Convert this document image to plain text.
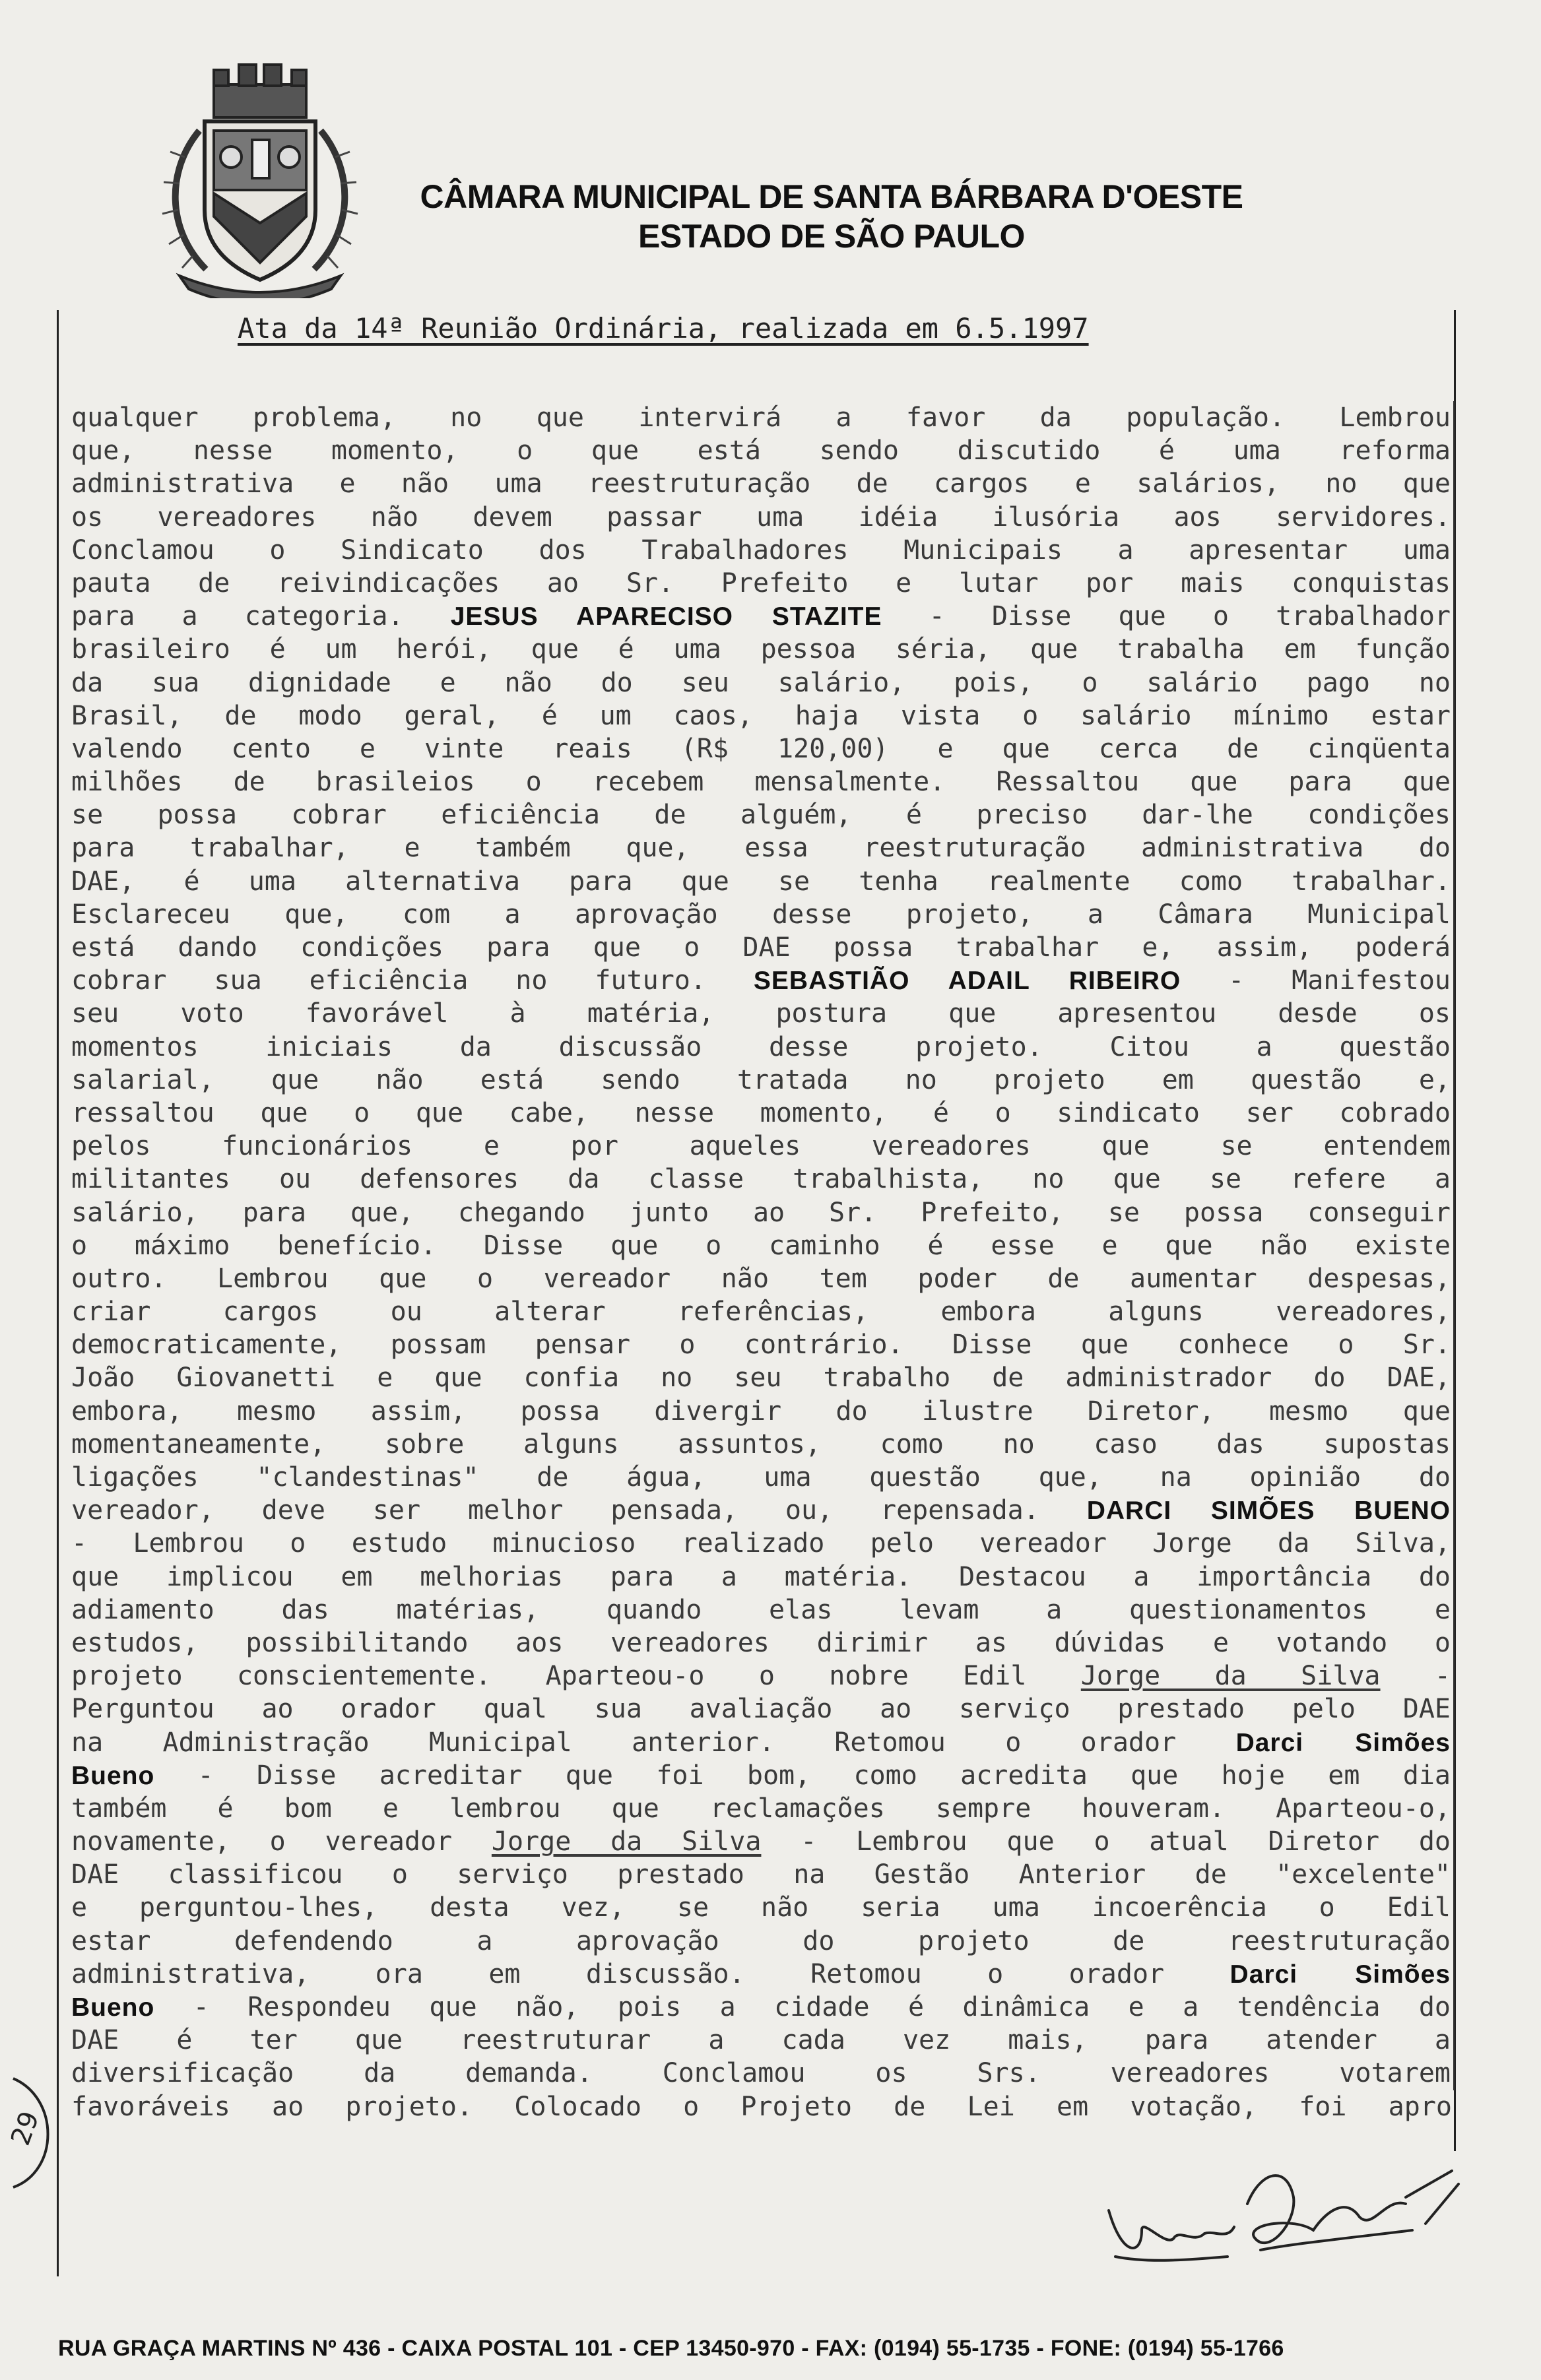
CÂMARA MUNICIPAL DE SANTA BÁRBARA D'OESTE
ESTADO DE SÃO PAULO
Ata da 14ª Reunião Ordinária, realizada em 6.5.1997
qualquer problema, no que intervirá a favor da população. Lembrou
que, nesse momento, o que está sendo discutido é uma reforma
administrativa e não uma reestruturação de cargos e salários, no que
os vereadores não devem passar uma idéia ilusória aos servidores.
Conclamou o Sindicato dos Trabalhadores Municipais a apresentar uma
pauta de reivindicações ao Sr. Prefeito e lutar por mais conquistas
para a categoria. JESUS APARECISO STAZITE - Disse que o trabalhador
brasileiro é um herói, que é uma pessoa séria, que trabalha em função
da sua dignidade e não do seu salário, pois, o salário pago no
Brasil, de modo geral, é um caos, haja vista o salário mínimo estar
valendo cento e vinte reais (R$ 120,00) e que cerca de cinqüenta
milhões de brasileios o recebem mensalmente. Ressaltou que para que
se possa cobrar eficiência de alguém, é preciso dar-lhe condições
para trabalhar, e também que, essa reestruturação administrativa do
DAE, é uma alternativa para que se tenha realmente como trabalhar.
Esclareceu que, com a aprovação desse projeto, a Câmara Municipal
está dando condições para que o DAE possa trabalhar e, assim, poderá
cobrar sua eficiência no futuro. SEBASTIÃO ADAIL RIBEIRO - Manifestou
seu voto favorável à matéria, postura que apresentou desde os
momentos iniciais da discussão desse projeto. Citou a questão
salarial, que não está sendo tratada no projeto em questão e,
ressaltou que o que cabe, nesse momento, é o sindicato ser cobrado
pelos funcionários e por aqueles vereadores que se entendem
militantes ou defensores da classe trabalhista, no que se refere a
salário, para que, chegando junto ao Sr. Prefeito, se possa conseguir
o máximo benefício. Disse que o caminho é esse e que não existe
outro. Lembrou que o vereador não tem poder de aumentar despesas,
criar cargos ou alterar referências, embora alguns vereadores,
democraticamente, possam pensar o contrário. Disse que conhece o Sr.
João Giovanetti e que confia no seu trabalho de administrador do DAE,
embora, mesmo assim, possa divergir do ilustre Diretor, mesmo que
momentaneamente, sobre alguns assuntos, como no caso das supostas
ligações "clandestinas" de água, uma questão que, na opinião do
vereador, deve ser melhor pensada, ou, repensada. DARCI SIMÕES BUENO
- Lembrou o estudo minucioso realizado pelo vereador Jorge da Silva,
que implicou em melhorias para a matéria. Destacou a importância do
adiamento das matérias, quando elas levam a questionamentos e
estudos, possibilitando aos vereadores dirimir as dúvidas e votando o
projeto conscientemente. Aparteou-o o nobre Edil Jorge da Silva -
Perguntou ao orador qual sua avaliação ao serviço prestado pelo DAE
na Administração Municipal anterior. Retomou o orador Darci Simões
Bueno - Disse acreditar que foi bom, como acredita que hoje em dia
também é bom e lembrou que reclamações sempre houveram. Aparteou-o,
novamente, o vereador Jorge da Silva - Lembrou que o atual Diretor do
DAE classificou o serviço prestado na Gestão Anterior de "excelente"
e perguntou-lhes, desta vez, se não seria uma incoerência o Edil
estar defendendo a aprovação do projeto de reestruturação
administrativa, ora em discussão. Retomou o orador Darci Simões
Bueno - Respondeu que não, pois a cidade é dinâmica e a tendência do
DAE é ter que reestruturar a cada vez mais, para atender a
diversificação da demanda. Conclamou os Srs. vereadores votarem
favoráveis ao projeto. Colocado o Projeto de Lei em votação, foi apro
29
RUA GRAÇA MARTINS Nº 436 - CAIXA POSTAL 101 - CEP 13450-970 - FAX: (0194) 55-1735 - FONE: (0194) 55-1766
